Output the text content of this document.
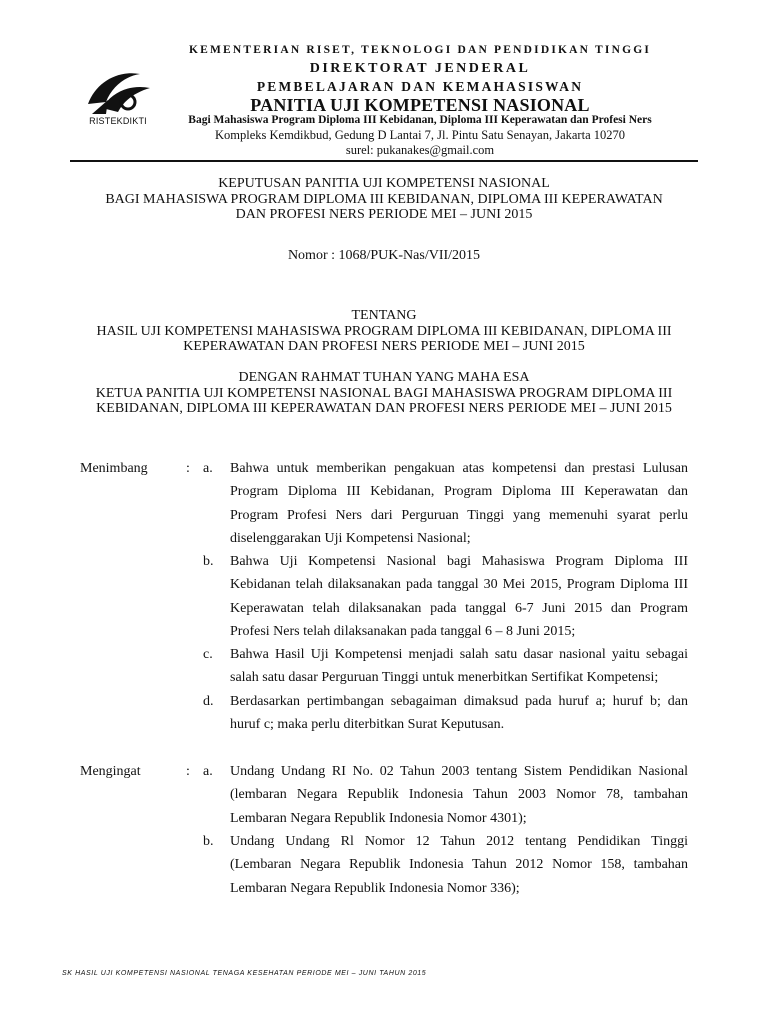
RISTEKDIKTI
KEMENTERIAN RISET, TEKNOLOGI DAN PENDIDIKAN TINGGI
DIREKTORAT JENDERAL
PEMBELAJARAN DAN KEMAHASISWAN
PANITIA UJI KOMPETENSI NASIONAL
Bagi Mahasiswa Program Diploma III Kebidanan, Diploma III Keperawatan dan Profesi Ners
Kompleks Kemdikbud, Gedung D Lantai 7, Jl. Pintu Satu Senayan, Jakarta 10270
surel: pukanakes@gmail.com
KEPUTUSAN PANITIA UJI KOMPETENSI NASIONAL
BAGI MAHASISWA PROGRAM DIPLOMA III KEBIDANAN, DIPLOMA III KEPERAWATAN
DAN PROFESI NERS PERIODE MEI – JUNI 2015
Nomor : 1068/PUK-Nas/VII/2015
TENTANG
HASIL UJI KOMPETENSI MAHASISWA PROGRAM DIPLOMA III KEBIDANAN, DIPLOMA III
KEPERAWATAN DAN PROFESI NERS PERIODE MEI – JUNI 2015
DENGAN RAHMAT TUHAN YANG MAHA ESA
KETUA PANITIA UJI KOMPETENSI NASIONAL BAGI MAHASISWA PROGRAM DIPLOMA III
KEBIDANAN, DIPLOMA III KEPERAWATAN DAN PROFESI NERS PERIODE MEI – JUNI 2015
Menimbang	: a. Bahwa untuk memberikan pengakuan atas kompetensi dan prestasi Lulusan
Program Diploma III Kebidanan, Program Diploma III Keperawatan dan
Program Profesi Ners dari Perguruan Tinggi yang memenuhi syarat perlu
diselenggarakan Uji Kompetensi Nasional;
b. Bahwa Uji Kompetensi Nasional bagi Mahasiswa Program Diploma III
Kebidanan telah dilaksanakan pada tanggal 30 Mei 2015, Program Diploma III
Keperawatan telah dilaksanakan pada tanggal 6-7 Juni 2015 dan Program
Profesi Ners telah dilaksanakan pada tanggal 6 – 8 Juni 2015;
c. Bahwa Hasil Uji Kompetensi menjadi salah satu dasar nasional yaitu sebagai
salah satu dasar Perguruan Tinggi untuk menerbitkan Sertifikat Kompetensi;
d. Berdasarkan pertimbangan sebagaiman dimaksud pada huruf a; huruf b; dan
huruf c; maka perlu diterbitkan Surat Keputusan.
Mengingat	: a. Undang Undang RI No. 02 Tahun 2003 tentang Sistem Pendidikan Nasional
(lembaran Negara Republik Indonesia Tahun 2003 Nomor 78, tambahan
Lembaran Negara Republik Indonesia Nomor 4301);
b. Undang Undang Rl Nomor 12 Tahun 2012 tentang Pendidikan Tinggi
(Lembaran Negara Republik Indonesia Tahun 2012 Nomor 158, tambahan
Lembaran Negara Republik Indonesia Nomor 336);
SK HASIL UJI KOMPETENSI NASIONAL TENAGA KESEHATAN PERIODE MEI – JUNI TAHUN 2015
